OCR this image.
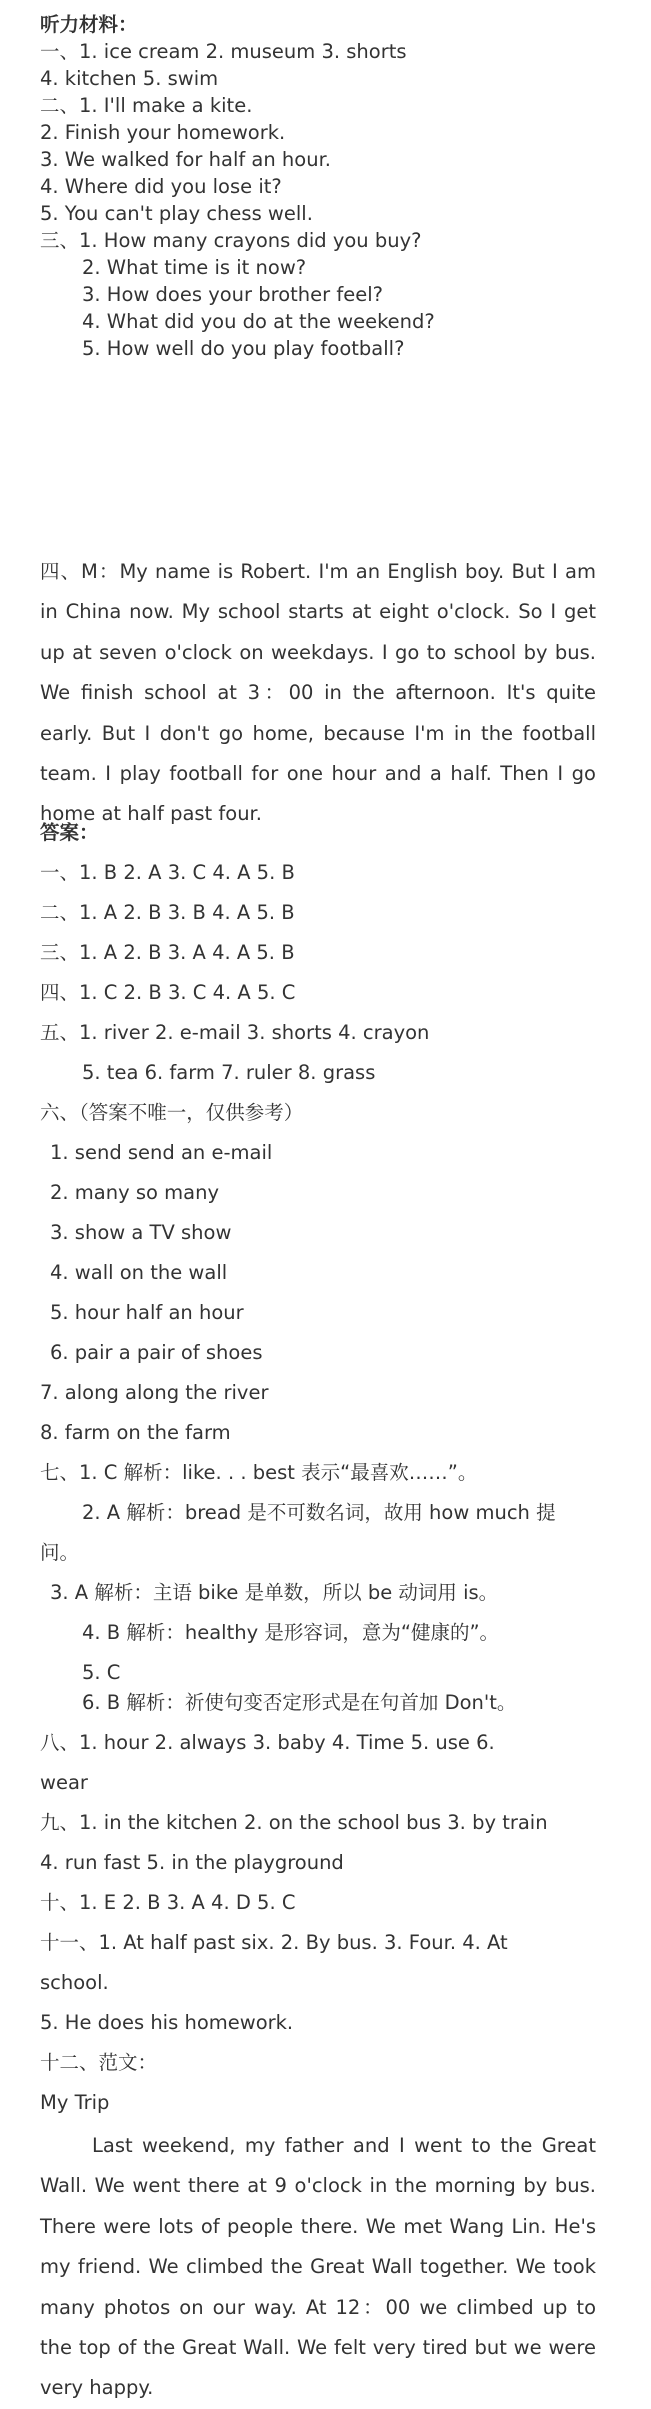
听力材料：
一、1. ice cream 2. museum 3. shorts
4. kitchen 5. swim
二、1. I'll make a kite.
2. Finish your homework.
3. We walked for half an hour.
4. Where did you lose it?
5. You can't play chess well.
三、1. How many crayons did you buy?
2. What time is it now?
3. How does your brother feel?
4. What did you do at the weekend?
5. How well do you play football?
四、M：My name is Robert. I'm an English boy. But I am in China now. My school starts at eight o'clock. So I get up at seven o'clock on weekdays. I go to school by bus. We finish school at 3：00 in the afternoon. It's quite early. But I don't go home, because I'm in the football team. I play football for one hour and a half. Then I go home at half past four.
答案：
一、1. B 2. A 3. C 4. A 5. B
二、1. A 2. B 3. B 4. A 5. B
三、1. A 2. B 3. A 4. A 5. B
四、1. C 2. B 3. C 4. A 5. C
五、1. river 2. e-mail 3. shorts 4. crayon
5. tea 6. farm 7. ruler 8. grass
六、（答案不唯一，仅供参考）
1. send send an e-mail
2. many so many
3. show a TV show
4. wall on the wall
5. hour half an hour
6. pair a pair of shoes
7. along along the river
8. farm on the farm
七、1. C 解析：like. . . best 表示“最喜欢……”。
2. A 解析：bread 是不可数名词，故用 how much 提
问。
3. A 解析：主语 bike 是单数，所以 be 动词用 is。
4. B 解析：healthy 是形容词，意为“健康的”。
5. C
6. B 解析：祈使句变否定形式是在句首加 Don't。
八、1. hour 2. always 3. baby 4. Time 5. use 6.
wear
九、1. in the kitchen 2. on the school bus 3. by train
4. run fast 5. in the playground
十、1. E 2. B 3. A 4. D 5. C
十一、1. At half past six. 2. By bus. 3. Four. 4. At
school.
5. He does his homework.
十二、范文：
My Trip
Last weekend, my father and I went to the Great Wall. We went there at 9 o'clock in the morning by bus. There were lots of people there. We met Wang Lin. He's my friend. We climbed the Great Wall together. We took many photos on our way. At 12：00 we climbed up to the top of the Great Wall. We felt very tired but we were very happy.
